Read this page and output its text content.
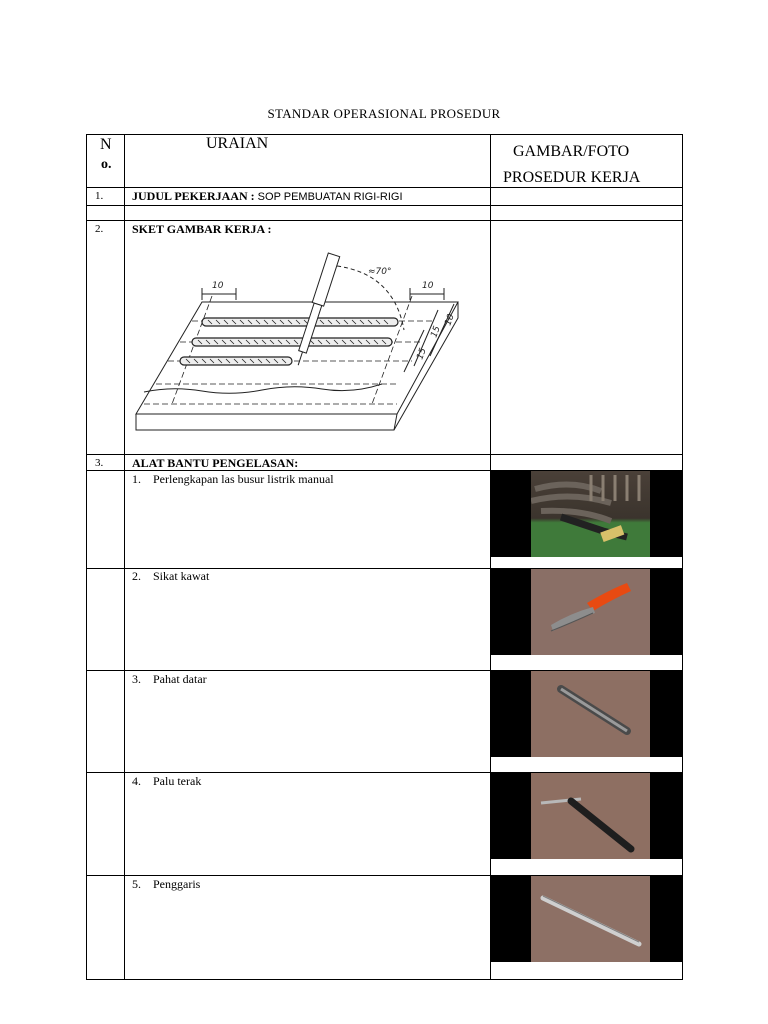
STANDAR OPERASIONAL PROSEDUR
N
o.
URAIAN	GAMBAR/FOTO
PROSEDUR KERJA
1. JUDUL PEKERJAAN : SOP PEMBUATAN RIGI-RIGI
2. SKET GAMBAR KERJA :
10	10
≈70°
10
15
15
3. ALAT BANTU PENGELASAN:
1. Perlengkapan las busur listrik manual
2. Sikat kawat
3. Pahat datar
4. Palu terak
5. Penggaris
